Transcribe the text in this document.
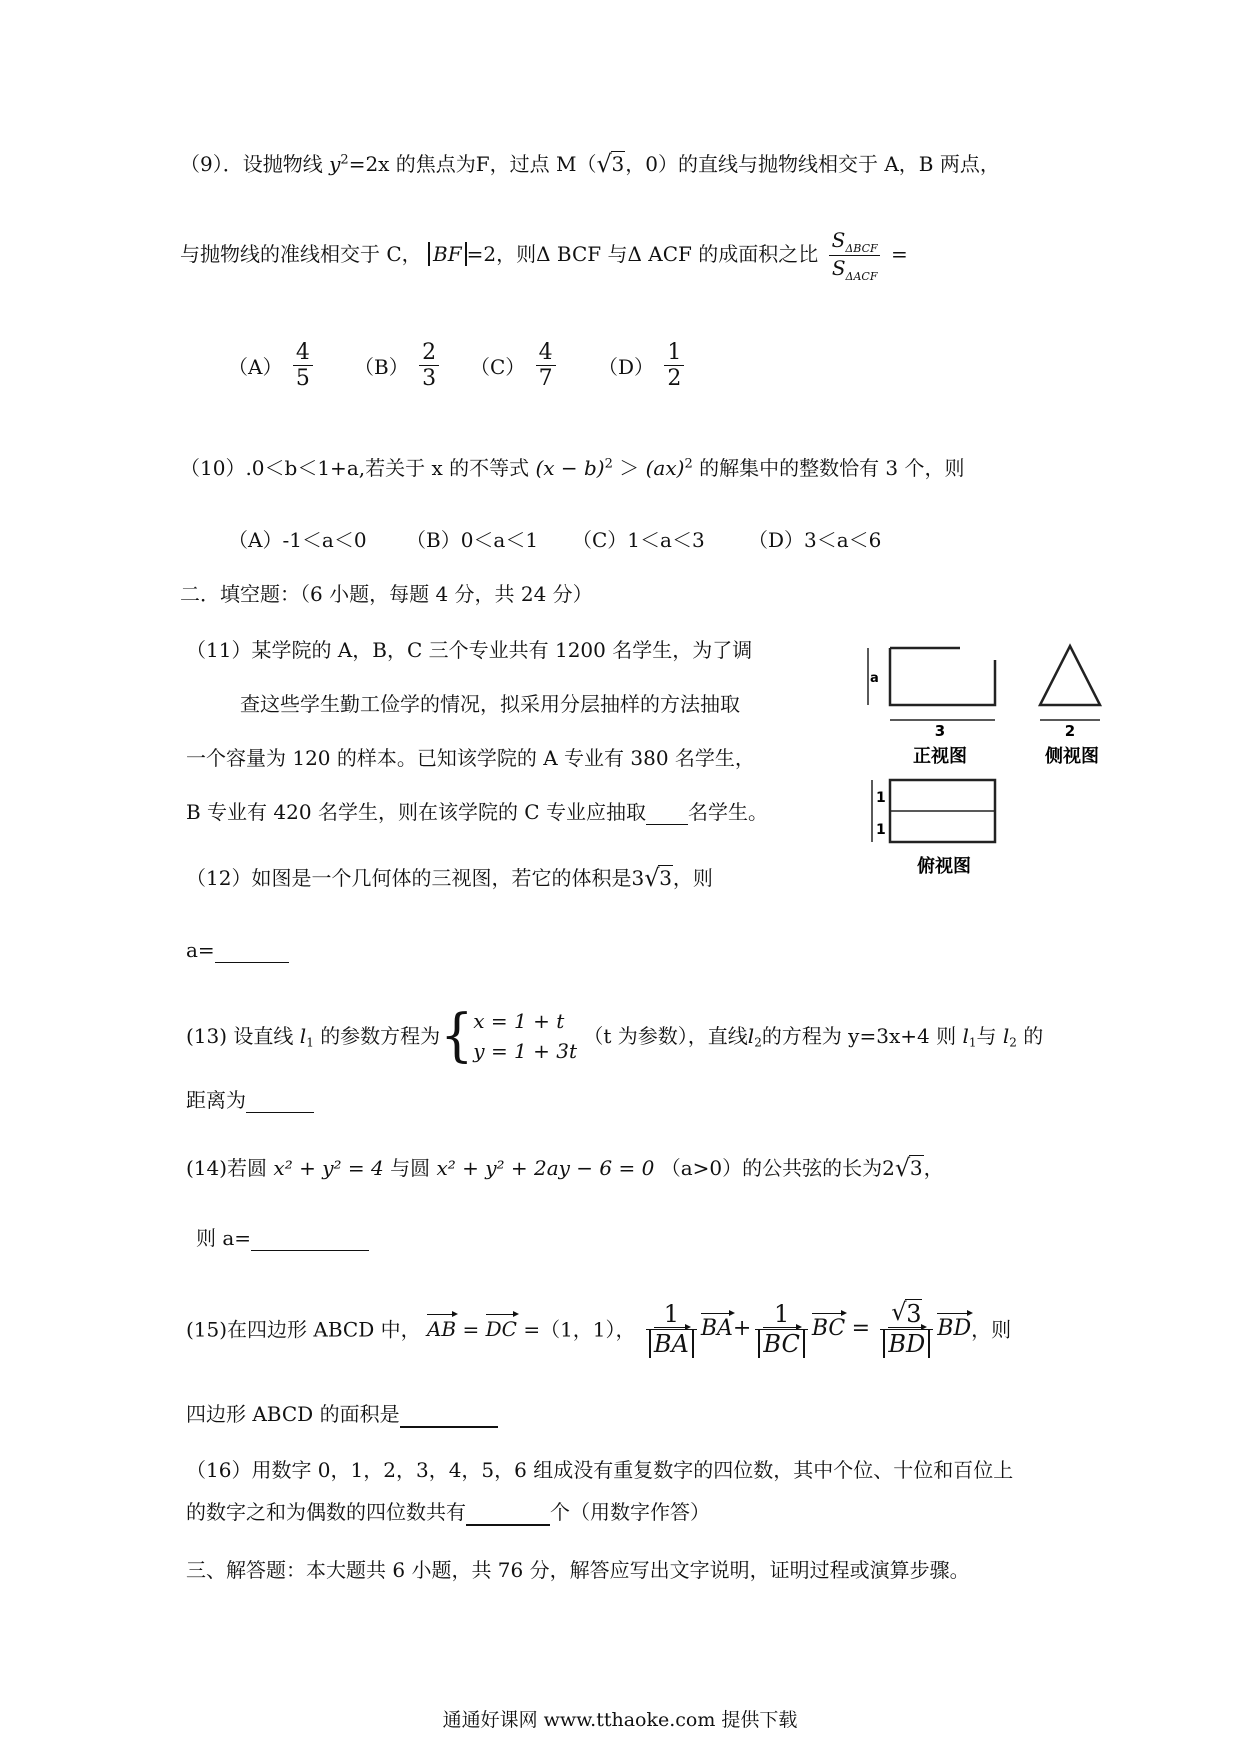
（9）．设抛物线 $y^2=2x$ 的焦点为F，过点 M（ √ 3，0）的直线与抛物线相交于 A，B 两点，
与抛物线的准线相交于 C， BF =2，则Δ BCF 与Δ ACF 的成面积之比 $\frac{S_{\Delta BCF}}{S_{\Delta ACF}}$ =
$(A) \frac{4}{5} (B) \frac{2}{3} (C) \frac{4}{7} (D) \frac{1}{2}$
（10）.0＜b＜1+a,若关于 x 的不等式 $(x - b)^2 > (ax)^2$ 的解集中的整数恰有 3 个，则
（A）-1＜a＜0 （B）0＜a＜1 （C）1＜a＜3 （D）3＜a＜6
二．填空题：（6 小题，每题 4 分，共 24 分）
（11）某学院的 A，B，C 三个专业共有 1200 名学生，为了调
查这些学生勤工俭学的情况，拟采用分层抽样的方法抽取
一个容量为 120 的样本。已知该学院的 A 专业有 380 名学生，
B 专业有 420 名学生，则在该学院的 C 专业应抽取 名学生。
a
3
正视图
2
侧视图
1
1
俯视图
（12）如图是一个几何体的三视图，若它的体积是3 √ 3，则
a=
(13) 设直线 $l_1$ 的参数方程为{ x = 1 + t
y = 1 + 3t
（t 为参数），直线$l_2$的方程为 y=3x+4 则 $l_1$与 $l_2$ 的
距离为
(14)若圆 x² + y² = 4 与圆 x² + y² + 2ay − 6 = 0 （a>0）的公共弦的长为2 √ 3，
则 a=
(15)在四边形 ABCD 中， AB = DC =（1，1）， $\frac{1}{BA} BA+ \frac{1}{BC}$ BC = √ $\frac{3}{BD}$ BD，则
四边形 ABCD 的面积是
（16）用数字 0，1，2，3，4，5，6 组成没有重复数字的四位数，其中个位、十位和百位上
的数字之和为偶数的四位数共有	个（用数字作答）
三、解答题：本大题共 6 小题，共 76 分，解答应写出文字说明，证明过程或演算步骤。
通通好课网 www.tthaoke.com 提供下载
